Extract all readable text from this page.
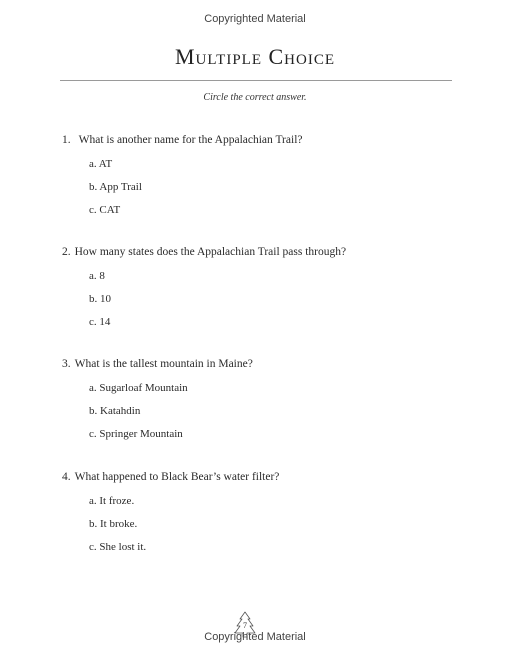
Copyrighted Material
Multiple Choice
Circle the correct answer.

1. What is another name for the Appalachian Trail?

a. AT
b. App Trail
c. CAT

2. How many states does the Appalachian Trail pass through?

a. 8
b. 10
c. 14

3. What is the tallest mountain in Maine?

a. Sugarloaf Mountain
b. Katahdin
c. Springer Mountain

4. What happened to Black Bear’s water filter?

a. It froze.
b. It broke.
c. She lost it.
7
Copyrighted Material
